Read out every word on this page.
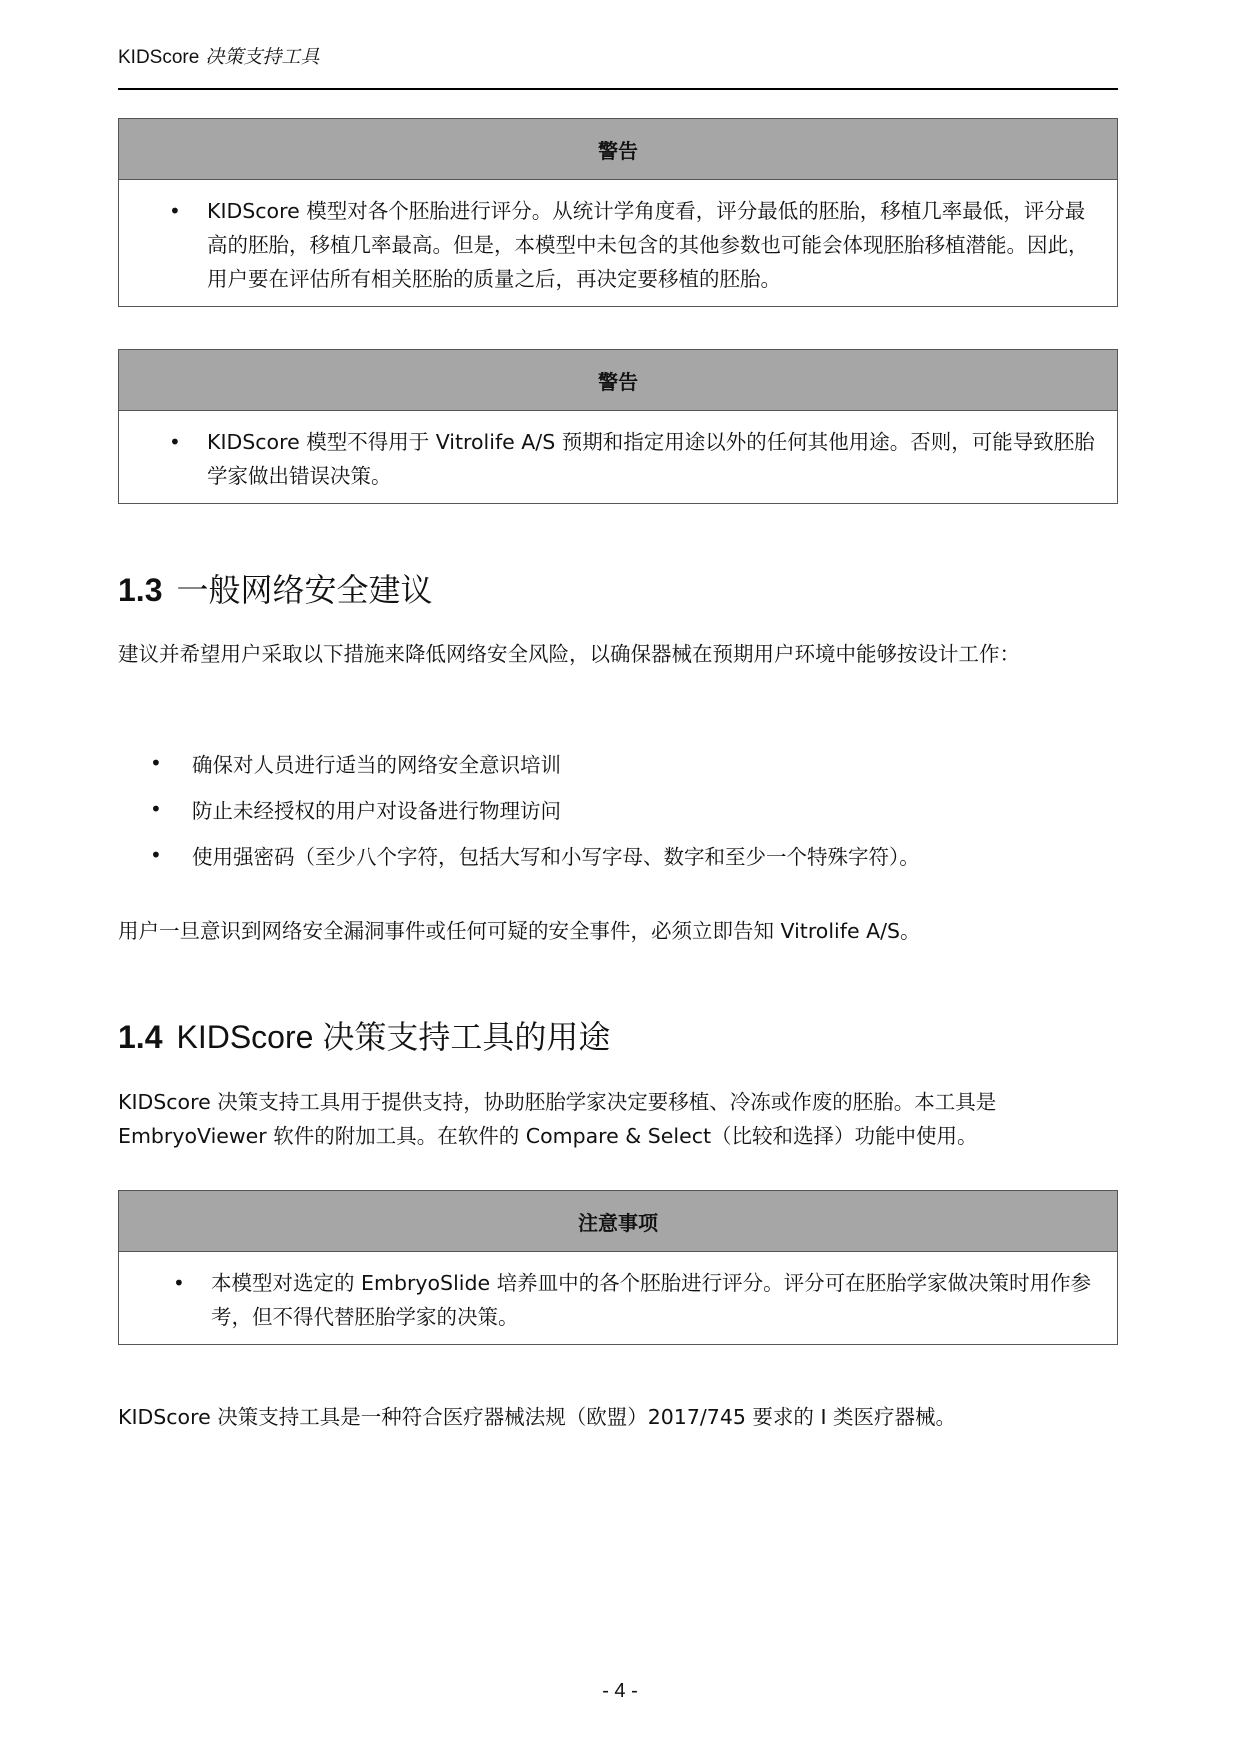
KIDScore 决策支持工具
警告
•	KIDScore 模型对各个胚胎进行评分。从统计学角度看，评分最低的胚胎，移植几率最低，评分最高的胚胎，移植几率最高。但是，本模型中未包含的其他参数也可能会体现胚胎移植潜能。因此，用户要在评估所有相关胚胎的质量之后，再决定要移植的胚胎。
警告
•	KIDScore 模型不得用于 Vitrolife A/S 预期和指定用途以外的任何其他用途。否则，可能导致胚胎学家做出错误决策。
1.3 一般网络安全建议
建议并希望用户采取以下措施来降低网络安全风险，以确保器械在预期用户环境中能够按设计工作：
•	确保对人员进行适当的网络安全意识培训
•	防止未经授权的用户对设备进行物理访问
•	使用强密码（至少八个字符，包括大写和小写字母、数字和至少一个特殊字符）。
用户一旦意识到网络安全漏洞事件或任何可疑的安全事件，必须立即告知 Vitrolife A/S。
1.4 KIDScore 决策支持工具的用途
KIDScore 决策支持工具用于提供支持，协助胚胎学家决定要移植、冷冻或作废的胚胎。本工具是 EmbryoViewer 软件的附加工具。在软件的 Compare & Select（比较和选择）功能中使用。
注意事项
•	本模型对选定的 EmbryoSlide 培养皿中的各个胚胎进行评分。评分可在胚胎学家做决策时用作参考，但不得代替胚胎学家的决策。
KIDScore 决策支持工具是一种符合医疗器械法规（欧盟）2017/745 要求的 I 类医疗器械。
- 4 -
